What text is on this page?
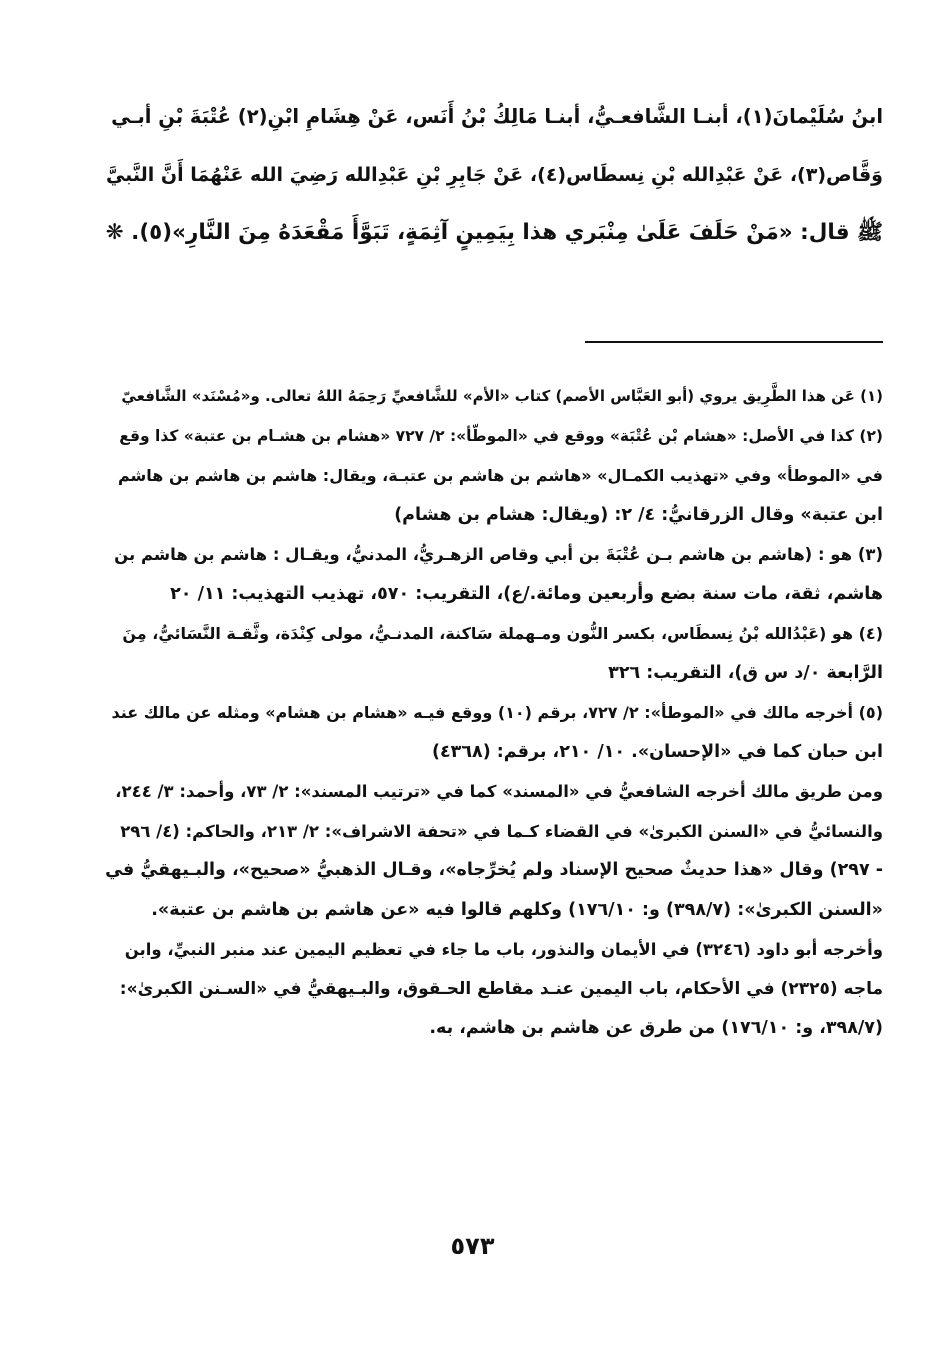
ابنُ سُلَيْمانَ(١)، أبنـا الشَّافعـيُّ، أبنـا مَالِكُ بْنُ أَنَس، عَنْ هِشَامِ ابْنِ(٢) عُتْبَةَ بْنِ أبـي
وَقَّاص(٣)، عَنْ عَبْدِالله بْنِ نِسطَاس(٤)، عَنْ جَابِرِ بْنِ عَبْدِالله رَضِيَ الله عَنْهُمَا أَنَّ النَّبيَّ
ﷺ قال: «مَنْ حَلَفَ عَلَىٰ مِنْبَري هذا بِيَمِينٍ آثِمَةٍ، تَبَوَّأَ مَقْعَدَهُ مِنَ النَّارِ»(٥). ❋
(١) عَن هذا الطَّرِيق يروي (أبو العَبَّاس الأصم) كتاب «الأم» للشَّافعيِّ رَحِمَهُ اللهُ تعالى. و«مُسْنَد» الشَّافعيّ
(٢) كذا في الأصل: «هشام بْن عُتْبَة» ووقع في «الموطّأ»: ٢/ ٧٢٧ «هشام بن هشـام بن عتبة» كذا وقع
في «الموطأ» وفي «تهذيب الكمـال» «هاشم بن هاشم بن عتبـة، ويقال: هاشم بن هاشم بن هاشم
ابن عتبة» وقال الزرقانيُّ: ٤/ ٢: (ويقال: هشام بن هشام)
(٣) هو : (هاشم بن هاشم بـن عُتْبَةَ بن أبي وقاص الزهـريُّ، المدنيُّ، ويقـال : هاشم بن هاشم بن
هاشم، ثقة، مات سنة بضع وأربعين ومائة./ع)، التقريب: ٥٧٠، تهذيب التهذيب: ١١/ ٢٠
(٤) هو (عَبْدُالله بْنُ نِسطَاس، بكسر النُّون ومـهملة سَاكنة، المدنـيُّ، مولى كِنْدَة، وثَّقـة النَّسَائيُّ، مِنَ
الرَّابعة ٠/د س ق)، التقريب: ٣٢٦
(٥) أخرجه مالك في «الموطأ»: ٢/ ٧٢٧، برقم (١٠) ووقع فيـه «هشام بن هشام» ومثله عن مالك عند
ابن حبان كما في «الإحسان». ١٠/ ٢١٠، برقم: (٤٣٦٨)
ومن طريق مالك أخرجه الشافعيُّ في «المسند» كما في «ترتيب المسند»: ٢/ ٧٣، وأحمد: ٣/ ٢٤٤،
والنسائيُّ في «السنن الكبرىٰ» في القضاء كـما في «تحفة الاشراف»: ٢/ ٢١٣، والحاكم: (٤/ ٢٩٦
- ٢٩٧) وقال «هذا حديثٌ صحيح الإسناد ولم يُخرِّجاه»، وقـال الذهبيُّ «صحيح»، والبـيهقيُّ في
«السنن الكبرىٰ»: (٣٩٨/٧) و: ١٧٦/١٠) وكلهم قالوا فيه «عن هاشم بن هاشم بن عتبة».
وأخرجه أبو داود (٣٢٤٦) في الأيمان والنذور، باب ما جاء في تعظيم اليمين عند منبر النبيِّ، وابن
ماجه (٢٣٢٥) في الأحكام، باب اليمين عنـد مقاطع الحـقوق، والبـيهقيُّ في «السـنن الكبرىٰ»:
(٣٩٨/٧، و: ١٧٦/١٠) من طرق عن هاشم بن هاشم، به.
٥٧٣
